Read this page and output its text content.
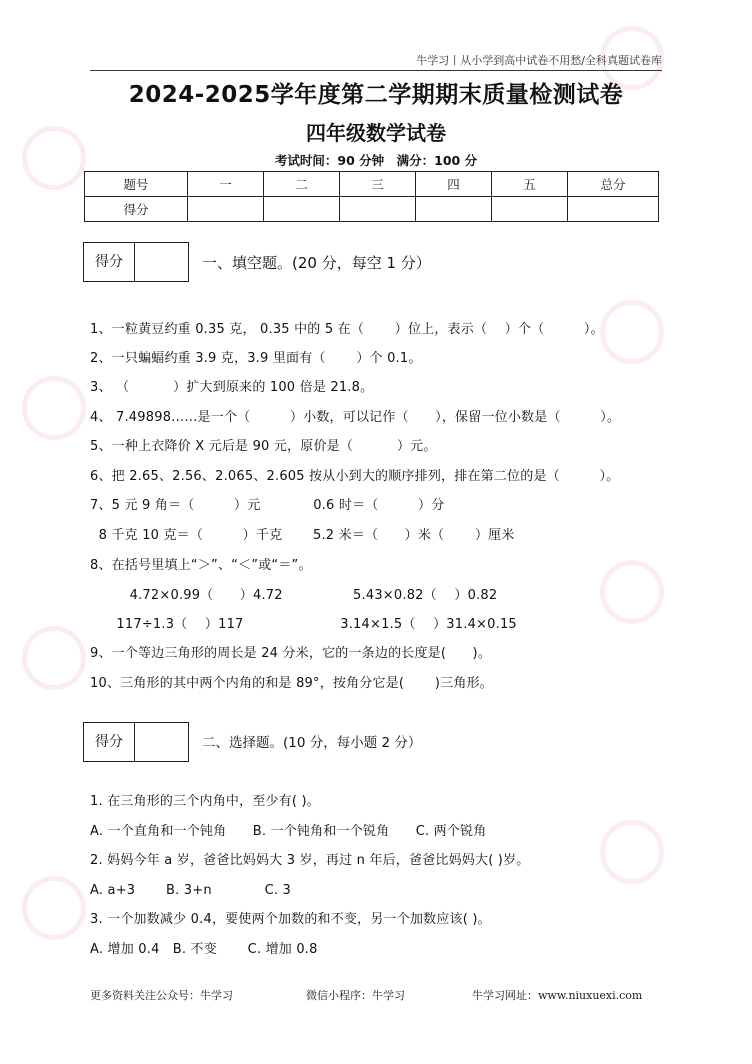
牛学习丨从小学到高中试卷不用愁/全科真题试卷库
2024-2025学年度第二学期期末质量检测试卷
四年级数学试卷
考试时间：90 分钟　满分：100 分
题号	一	二	三	四	五	总分
得分						
得分	一、填空题。(20 分，每空 1 分）
1、一粒黄豆约重 0.35 克， 0.35 中的 5 在（　　 ）位上，表示（　 ）个（　　　）。
2、一只蝙蝠约重 3.9 克，3.9 里面有（　　 ）个 0.1。
3、 （　　　 ）扩大到原来的 100 倍是 21.8。
4、 7.49898……是一个（　　　）小数，可以记作（　　），保留一位小数是（　　　）。
5、一种上衣降价 X 元后是 90 元，原价是（　　　 ）元。
6、把 2.65、2.56、2.065、2.605 按从小到大的顺序排列，排在第二位的是（　　　）。
7、5 元 9 角＝（　　　）元　　　　0.6 时＝（　　　）分
8 千克 10 克＝（　　　）千克　　 5.2 米＝（　　）米（　　 ）厘米
8、在括号里填上“＞”、“＜”或“＝”。
　　　4.72×0.99（　　）4.72　　　　　 5.43×0.82（　 ）0.82
　　117÷1.3（　 ）117　　　　　　　 3.14×1.5（　 ）31.4×0.15
9、一个等边三角形的周长是 24 分米，它的一条边的长度是(　　)。
10、三角形的其中两个内角的和是 89°，按角分它是(　　 )三角形。
得分	二、选择题。(10 分，每小题 2 分）
1. 在三角形的三个内角中，至少有( )。
A. 一个直角和一个钝角　　B. 一个钝角和一个锐角　　C. 两个锐角
2. 妈妈今年 a 岁，爸爸比妈妈大 3 岁，再过 n 年后，爸爸比妈妈大( )岁。
A. a+3　　 B. 3+n　　　　C. 3
3. 一个加数减少 0.4，要使两个加数的和不变，另一个加数应该( )。
A. 增加 0.4　B. 不变　　 C. 增加 0.8
更多资料关注公众号：牛学习	微信小程序：牛学习	牛学习网址：www.niuxuexi.com
